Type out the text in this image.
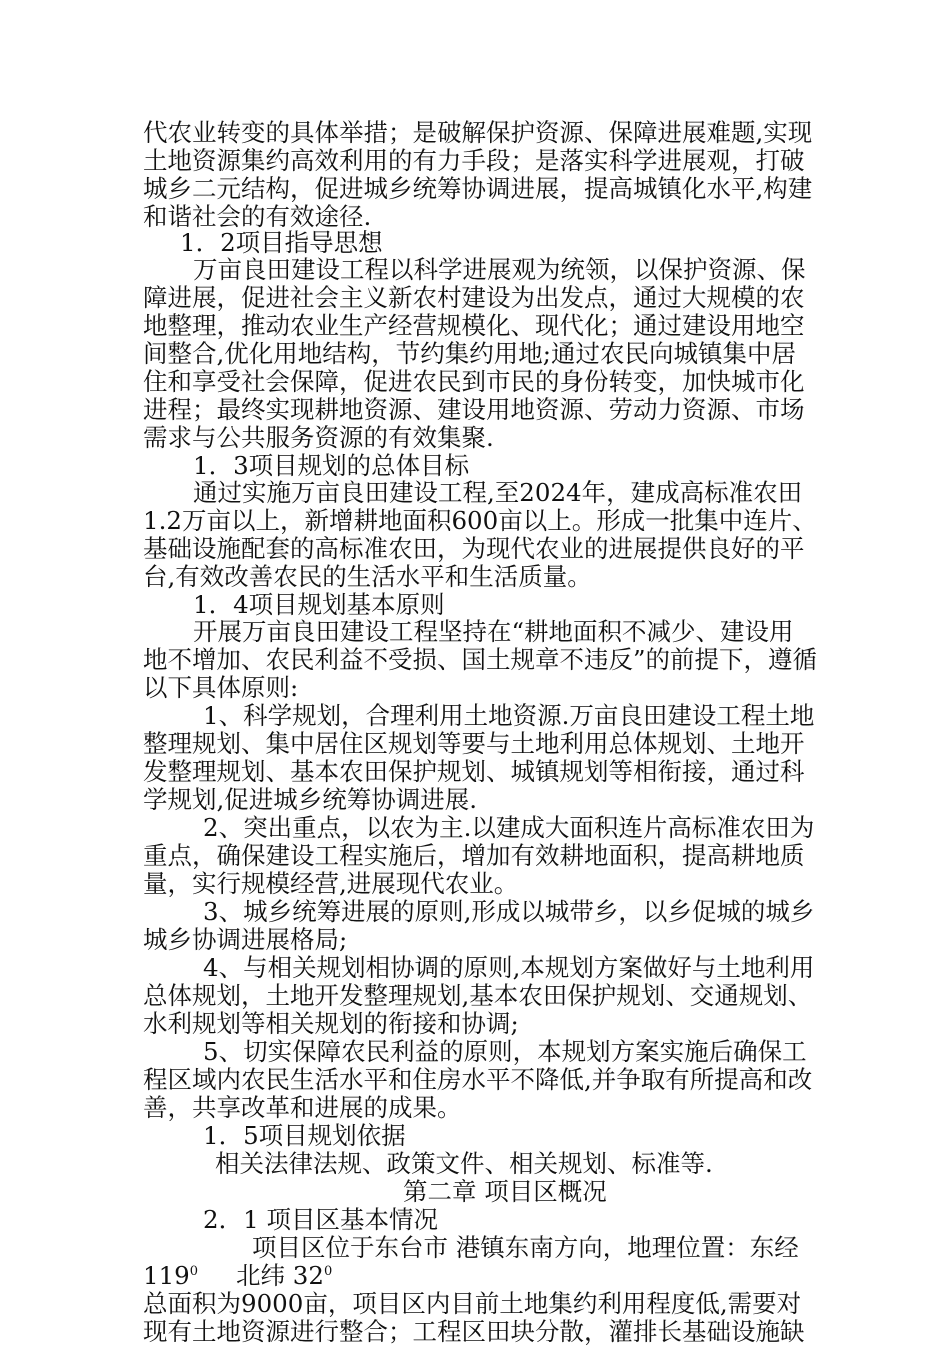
代农业转变的具体举措；是破解保护资源、保障进展难题,实现
土地资源集约高效利用的有力手段；是落实科学进展观，打破
城乡二元结构，促进城乡统筹协调进展，提高城镇化水平,构建
和谐社会的有效途径.
1．2项目指导思想
万亩良田建设工程以科学进展观为统领，以保护资源、保
障进展，促进社会主义新农村建设为出发点，通过大规模的农
地整理，推动农业生产经营规模化、现代化；通过建设用地空
间整合,优化用地结构，节约集约用地;通过农民向城镇集中居
住和享受社会保障，促进农民到市民的身份转变，加快城市化
进程；最终实现耕地资源、建设用地资源、劳动力资源、市场
需求与公共服务资源的有效集聚.
1．3项目规划的总体目标
通过实施万亩良田建设工程,至2024年，建成高标准农田
1.2万亩以上，新增耕地面积600亩以上。形成一批集中连片、
基础设施配套的高标准农田，为现代农业的进展提供良好的平
台,有效改善农民的生活水平和生活质量。
1．4项目规划基本原则
开展万亩良田建设工程坚持在“耕地面积不减少、建设用
地不增加、农民利益不受损、国土规章不违反”的前提下，遵循
以下具体原则:
1、科学规划，合理利用土地资源.万亩良田建设工程土地
整理规划、集中居住区规划等要与土地利用总体规划、土地开
发整理规划、基本农田保护规划、城镇规划等相衔接，通过科
学规划,促进城乡统筹协调进展.
2、突出重点，以农为主.以建成大面积连片高标准农田为
重点，确保建设工程实施后，增加有效耕地面积，提高耕地质
量，实行规模经营,进展现代农业。
3、城乡统筹进展的原则,形成以城带乡，以乡促城的城乡
城乡协调进展格局;
4、与相关规划相协调的原则,本规划方案做好与土地利用
总体规划，土地开发整理规划,基本农田保护规划、交通规划、
水利规划等相关规划的衔接和协调;
5、切实保障农民利益的原则，本规划方案实施后确保工
程区域内农民生活水平和住房水平不降低,并争取有所提高和改
善，共享改革和进展的成果。
1．5项目规划依据
相关法律法规、政策文件、相关规划、标准等.
第二章 项目区概况
2．1 项目区基本情况
项目区位于东台市 港镇东南方向，地理位置：东经
$119^0$ 北纬 $32^0$
总面积为9000亩，项目区内目前土地集约利用程度低,需要对
现有土地资源进行整合；工程区田块分散，灌排长基础设施缺
